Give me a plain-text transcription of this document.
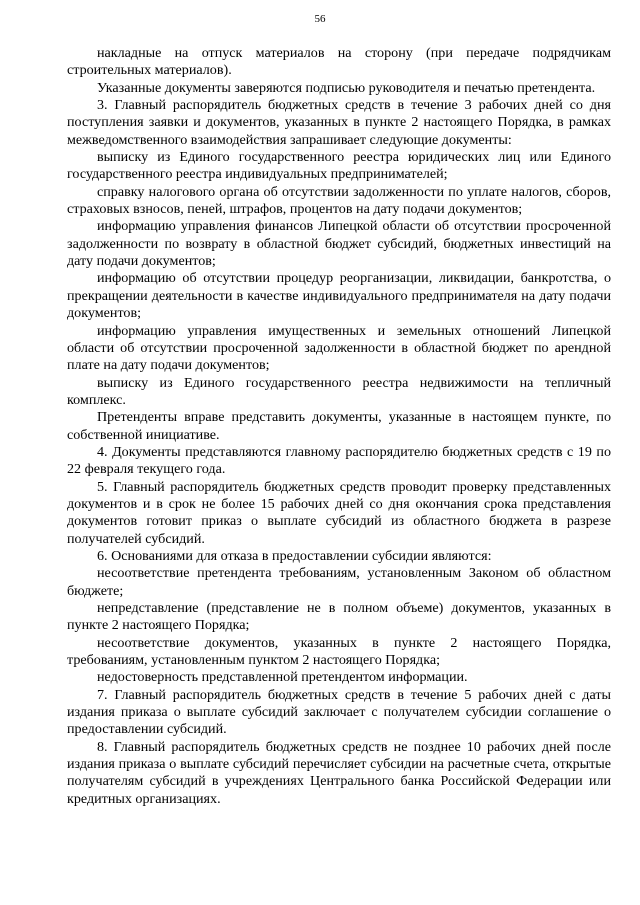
56

накладные на отпуск материалов на сторону (при передаче подрядчикам строительных материалов).

Указанные документы заверяются подписью руководителя и печатью претендента.

3. Главный распорядитель бюджетных средств в течение 3 рабочих дней со дня поступления заявки и документов, указанных в пункте 2 настоящего Порядка, в рамках межведомственного взаимодействия запрашивает следующие документы:

выписку из Единого государственного реестра юридических лиц или Единого государственного реестра индивидуальных предпринимателей;

справку налогового органа об отсутствии задолженности по уплате налогов, сборов, страховых взносов, пеней, штрафов, процентов на дату подачи документов;

информацию управления финансов Липецкой области об отсутствии просроченной задолженности по возврату в областной бюджет субсидий, бюджетных инвестиций на дату подачи документов;

информацию об отсутствии процедур реорганизации, ликвидации, банкротства, о прекращении деятельности в качестве индивидуального предпринимателя на дату подачи документов;

информацию управления имущественных и земельных отношений Липецкой области об отсутствии просроченной задолженности в областной бюджет по арендной плате на дату подачи документов;

выписку из Единого государственного реестра недвижимости на тепличный комплекс.

Претенденты вправе представить документы, указанные в настоящем пункте, по собственной инициативе.

4. Документы представляются главному распорядителю бюджетных средств с 19 по 22 февраля текущего года.

5. Главный распорядитель бюджетных средств проводит проверку представленных документов и в срок не более 15 рабочих дней со дня окончания срока представления документов готовит приказ о выплате субсидий из областного бюджета в разрезе получателей субсидий.

6. Основаниями для отказа в предоставлении субсидии являются:

несоответствие претендента требованиям, установленным Законом об областном бюджете;

непредставление (представление не в полном объеме) документов, указанных в пункте 2 настоящего Порядка;

несоответствие документов, указанных в пункте 2 настоящего Порядка, требованиям, установленным пунктом 2 настоящего Порядка;

недостоверность представленной претендентом информации.

7. Главный распорядитель бюджетных средств в течение 5 рабочих дней с даты издания приказа о выплате субсидий заключает с получателем субсидии соглашение о предоставлении субсидий.

8. Главный распорядитель бюджетных средств не позднее 10 рабочих дней после издания приказа о выплате субсидий перечисляет субсидии на расчетные счета, открытые получателям субсидий в учреждениях Центрального банка Российской Федерации или кредитных организациях.
